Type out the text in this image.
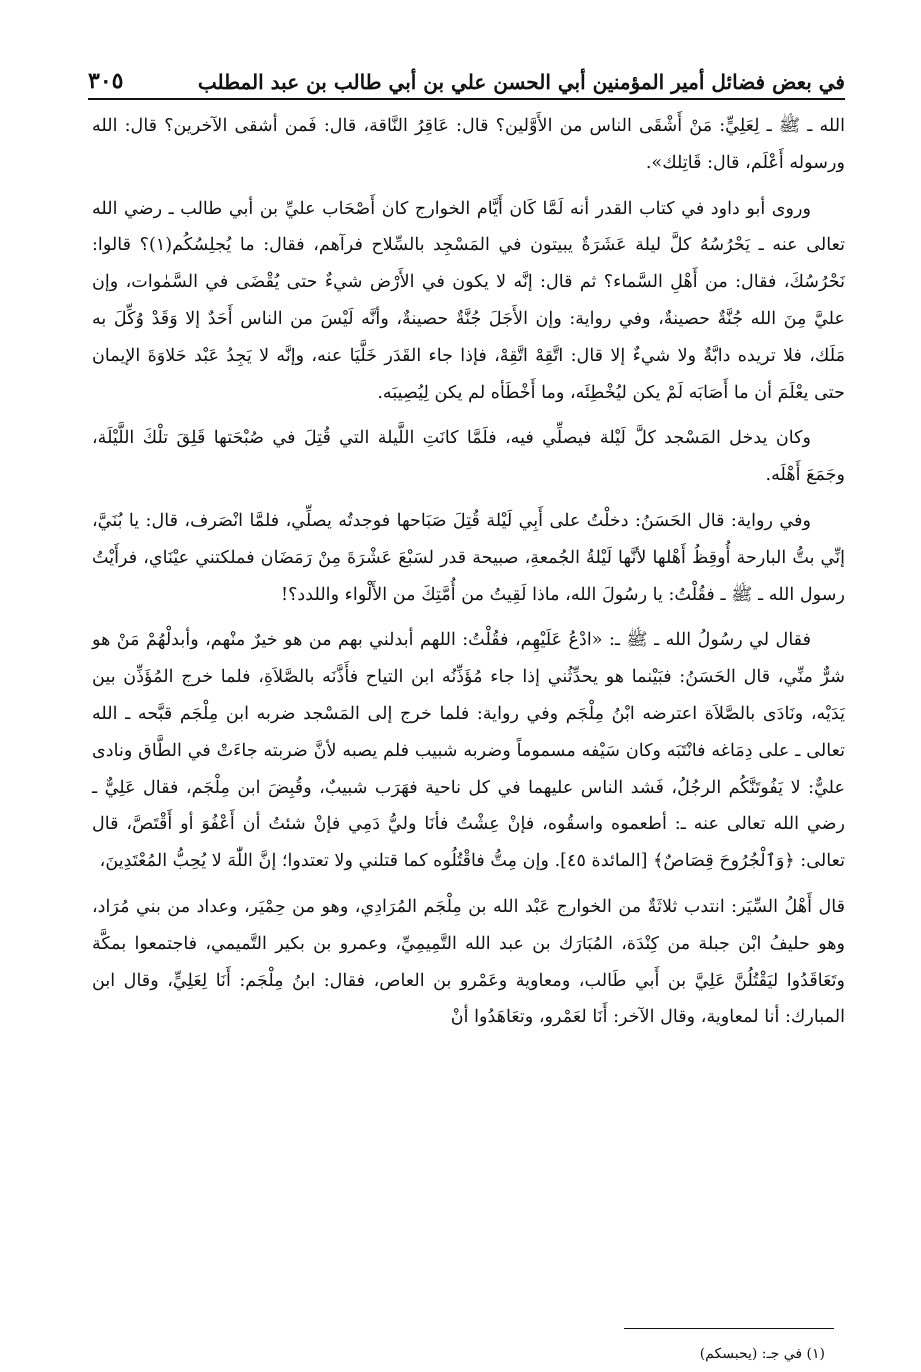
في بعض فضائل أمير المؤمنين أبي الحسن علي بن أبي طالب بن عبد المطلب
٣٠٥

الله ـ ﷺ ـ لِعَلِيٍّ: مَنْ أَشْقَى الناس من الأَوَّلين؟ قال: عَاقِرُ النَّاقة، قال: فَمن أشقى الآخرين؟ قال: الله ورسوله أَعْلَم، قال: قَاتِلك».

وروى أبو داود في كتاب القدر أنه لَمَّا كَان أَيَّام الخوارج كان أَصْحَاب عليِّ بن أبي طالب ـ رضي الله تعالى عنه ـ يَحْرُسُهُ كلَّ ليلة عَشَرَةٌ يبيتون في المَسْجِد بالسِّلاح فرآهم، فقال: ما يُجلِسُكُم(١)؟ قالوا: نَحْرُسُكَ، فقال: من أَهْلِ السَّماء؟ ثم قال: إنَّه لا يكون في الأَرْض شيءٌ حتى يُقْضَى في السَّمٰوات، وإن عليَّ مِنَ الله جُنَّةٌ حصينةٌ، وفي رواية: وإن الأَجَلَ جُنَّةٌ حصينةٌ، وأنَّه لَيْسَ من الناس أَحَدٌ إلا وَقَدْ وُكِّلَ به مَلَك، فلا تريده دابَّةٌ ولا شيءٌ إلا قال: اتَّقِهْ اتَّقِهْ، فإذا جاء القَدَر خَلَّيَا عنه، وإنَّه لا يَجِدُ عَبْد حَلاوَةَ الإيمان حتى يعْلَمَ أن ما أَصَابَه لَمْ يكن ليُخْطِئَه، وما أَخْطَأه لم يكن لِيُصِيبَه.

وكان يدخل المَسْجد كلَّ لَيْلة فيصلِّي فيه، فلَمَّا كانَتِ اللَّيلة التي قُتِلَ في صُبْحَتها قَلِقَ تلْكَ اللَّيْلَة، وجَمَعَ أَهْلَه.

وفي رواية: قال الحَسَنُ: دخلْتُ على أَبِي لَيْلة قُتِلَ صَبَاحها فوجدتُه يصلِّي، فلمَّا انْصَرف، قال: يا بُنَيَّ، إنِّي بتُّ البارحة أُوقِظُ أَهْلها لأنَّها لَيْلةُ الجُمعةِ، صبيحة قدر لسَبْعَ عَشْرَةَ مِنْ رَمَضَان فملكتني عيْنَاي، فرأَيْتُ رسول الله ـ ﷺ ـ فقُلْتُ: يا رسُولَ الله، ماذا لَقِيتُ من أُمَّتِكَ من الأَلْواء واللدد؟!

فقال لي رسُولُ الله ـ ﷺ ـ: «ادْعُ عَلَيْهِم، فقُلْتُ: اللهم أبدلني بهم من هو خيرٌ منْهم، وأبدلْهُمْ مَنْ هو شرٌّ منِّي، قال الحَسَنُ: فبَيْنما هو يحدِّثُني إذا جاء مُؤَذِّنُه ابن التياح فأَذَّنَه بالصَّلاَةِ، فلما خرج المُؤَذِّن بين يَدَيْه، ونَادَى بالصَّلاَة اعترضه ابْنُ مِلْجَم وفي رواية: فلما خرج إلى المَسْجد ضربه ابن مِلْجَم قبَّحه ـ الله تعالى ـ على دِمَاغه فانْتَبَه وكان سَيْفه مسموماً وضربه شبيب فلم يصبه لأنَّ ضربته جاءَتْ في الطَّاق ونادى عليٌّ: لا يَفُوتَنَّكُم الرجُلُ، فَشد الناس عليهما في كل ناحية فهَرَب شبيبٌ، وقُبِضَ ابن مِلْجَم، فقال عَلِيٌّ ـ رضي الله تعالى عنه ـ: أطعموه واسقُوه، فإنْ عِشْتُ فأنَا وليُّ دَمِي فإنْ شئتُ أن أَعْفُوَ أو أَقْتَصَّ، قال تعالى: ﴿وَٱلْجُرُوحَ قِصَاصٌ﴾ [المائدة ٤٥]. وإن مِتُّ فاقْتُلُوه كما قتلني ولا تعتدوا؛ إنَّ اللّٰهَ لا يُحِبُّ المُعْتَدِينَ،

قال أَهْلُ السِّيَر: انتدب ثلاثَةٌ من الخوارج عَبْد الله بن مِلْجَم المُرَادِي، وهو من حِمْيَر، وعداد من بني مُرَاد، وهو حليفُ ابْن جبلة من كِنْدَة، المُبَارَك بن عبد الله التَّمِيمِيِّ، وعمرو بن بكير التَّميمي، فاجتمعوا بمكَّة وتَعَاقَدُوا ليَقْتُلُنَّ عَلِيَّ بن أَبي طَالب، ومعاوية وعَمْرو بن العاص، فقال: ابنُ مِلْجَم: أَنَا لِعَلِيٍّ، وقال ابن المبارك: أنا لمعاوية، وقال الآخر: أَنَا لعَمْرو، وتعَاهَدُوا أنْ

(١) في جـ: (يحبسكم)
